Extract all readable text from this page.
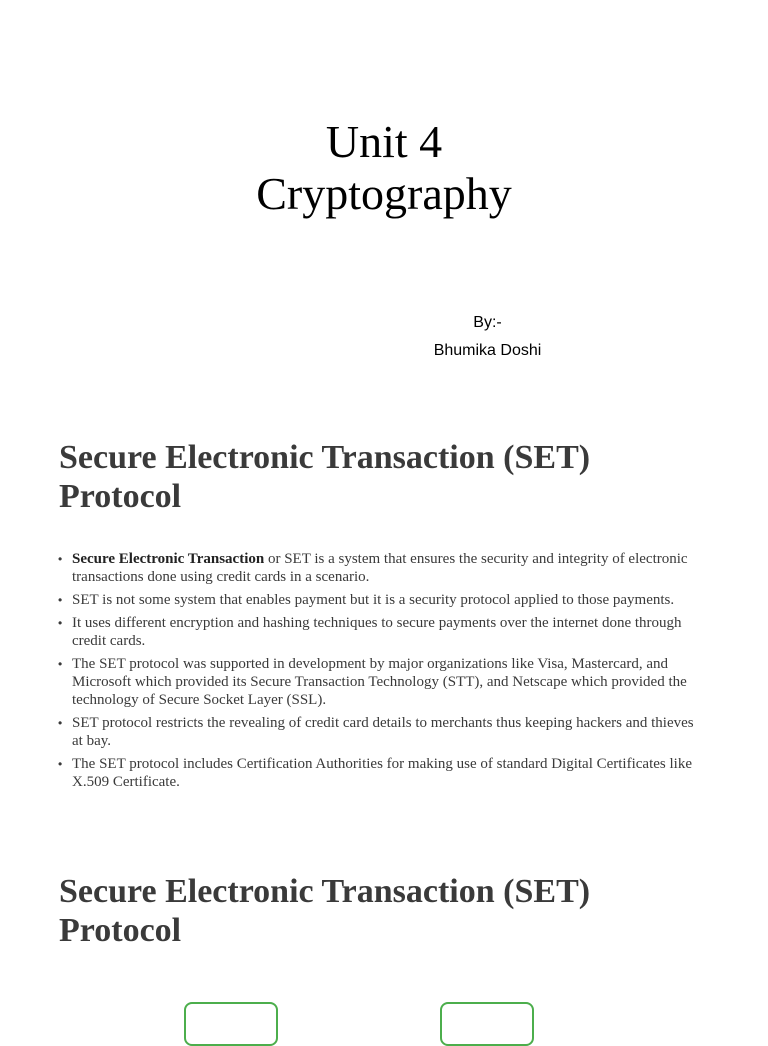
Unit 4
Cryptography
By:-
Bhumika Doshi
Secure Electronic Transaction (SET)
Protocol
• Secure Electronic Transaction or SET is a system that ensures the security and integrity of electronic transactions done using credit cards in a scenario.
• SET is not some system that enables payment but it is a security protocol applied to those payments.
• It uses different encryption and hashing techniques to secure payments over the internet done through credit cards.
• The SET protocol was supported in development by major organizations like Visa, Mastercard, and Microsoft which provided its Secure Transaction Technology (STT), and Netscape which provided the technology of Secure Socket Layer (SSL).
• SET protocol restricts the revealing of credit card details to merchants thus keeping hackers and thieves at bay.
• The SET protocol includes Certification Authorities for making use of standard Digital Certificates like X.509 Certificate.
Secure Electronic Transaction (SET)
Protocol
